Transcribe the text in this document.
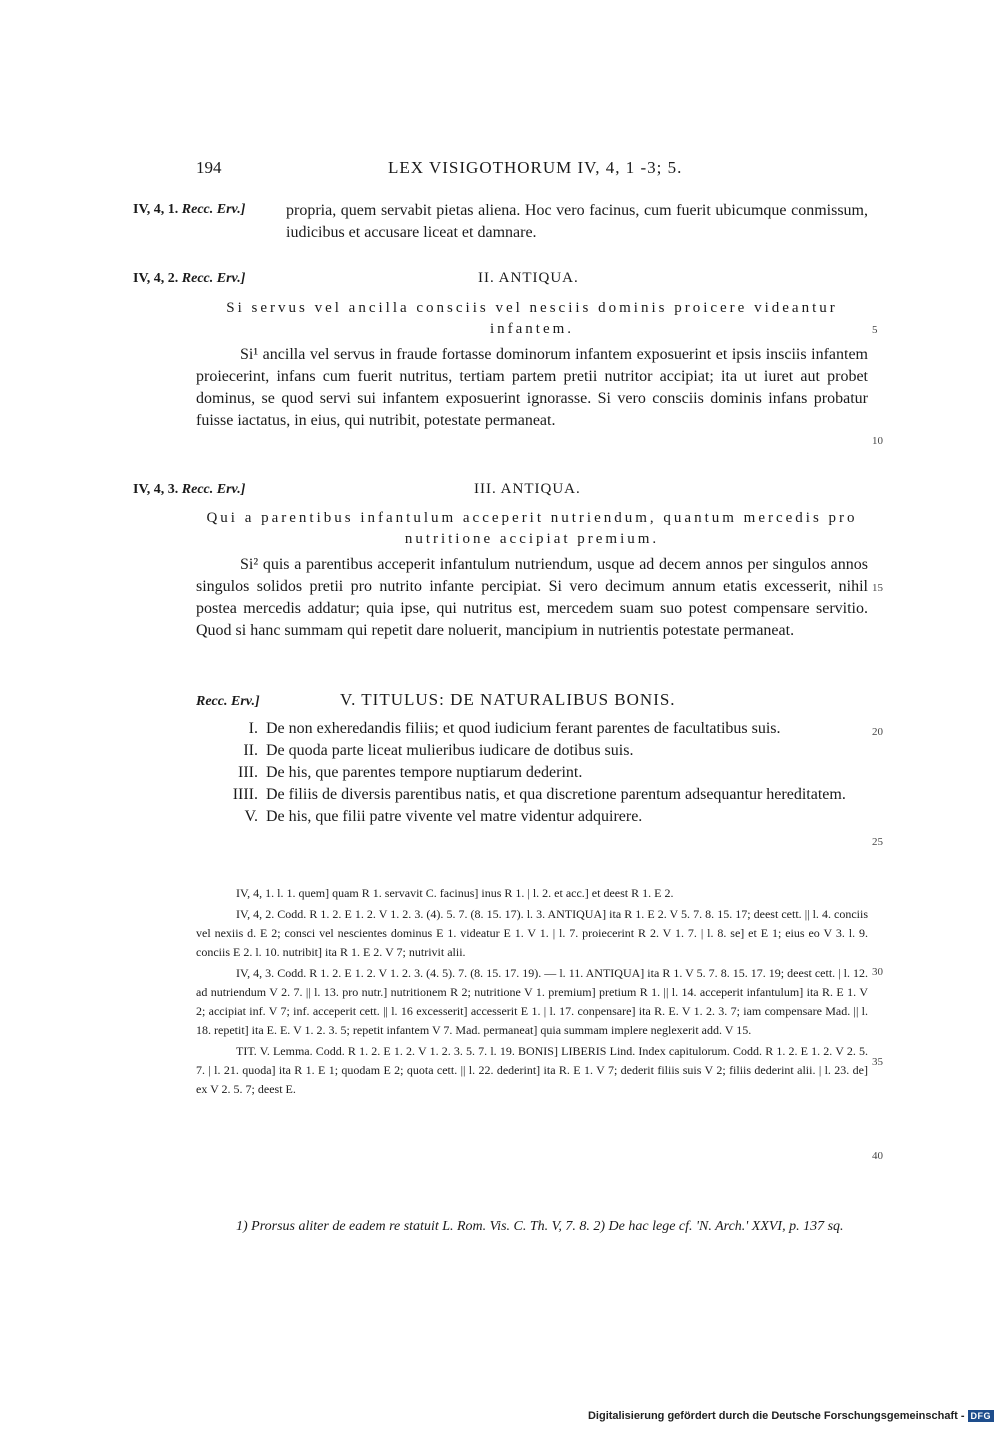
194	LEX VISIGOTHORUM IV, 4, 1 -3; 5.
IV, 4, 1. Recc. Erv.]	propria, quem servabit pietas aliena. Hoc vero facinus, cum fuerit ubicumque conmissum, iudicibus et accusare liceat et damnare.
IV, 4, 2. Recc. Erv.]	II. ANTIQUA.
Si servus vel ancilla consciis vel nesciis dominis proicere videantur infantem.	5
Si¹ ancilla vel servus in fraude fortasse dominorum infantem exposuerint et ipsis insciis infantem proiecerint, infans cum fuerit nutritus, tertiam partem pretii nutritor accipiat; ita ut iuret aut probet dominus, se quod servi sui infantem exposuerint ignorasse. Si vero consciis dominis infans probatur fuisse iactatus, in eius, qui nutribit, potestate permaneat.
10
IV, 4, 3. Recc. Erv.]	III. ANTIQUA.
Qui a parentibus infantulum acceperit nutriendum, quantum mercedis pro nutritione accipiat premium.
Si² quis a parentibus acceperit infantulum nutriendum, usque ad decem annos per singulos annos singulos solidos pretii pro nutrito infante percipiat. Si vero decimum annum etatis excesserit, nihil postea mercedis addatur; quia ipse, qui nutritus est, mercedem suam suo potest compensare servitio. Quod si hanc summam qui repetit dare noluerit, mancipium in nutrientis potestate permaneat.
15
Recc. Erv.]	V. TITULUS: DE NATURALIBUS BONIS.
I. De non exheredandis filiis; et quod iudicium ferant parentes de facultatibus suis.
II. De quoda parte liceat mulieribus iudicare de dotibus suis.
III. De his, que parentes tempore nuptiarum dederint.
IIII. De filiis de diversis parentibus natis, et qua discretione parentum adsequantur hereditatem.
V. De his, que filii patre vivente vel matre videntur adquirere.
20
25

IV, 4, 1. l. 1. quem] quam R 1. servavit C. facinus] inus R 1. | l. 2. et acc.] et deest R 1. E 2.

IV, 4, 2. Codd. R 1. 2. E 1. 2. V 1. 2. 3. (4). 5. 7. (8. 15. 17). l. 3. ANTIQUA] ita R 1. E 2. V 5. 7. 8. 15. 17; deest cett. || l. 4. conciis vel nexiis d. E 2; consci vel nescientes dominus E 1. videatur E 1. V 1. | l. 7. proiecerint R 2. V 1. 7. | l. 8. se] et E 1; eius eo V 3. l. 9. conciis E 2. l. 10. nutribit] ita R 1. E 2. V 7; nutrivit alii.

IV, 4, 3. Codd. R 1. 2. E 1. 2. V 1. 2. 3. (4. 5). 7. (8. 15. 17. 19). — l. 11. ANTIQUA] ita R 1. V 5. 7. 8. 15. 17. 19; deest cett. | l. 12. ad nutriendum V 2. 7. || l. 13. pro nutr.] nutritionem R 2; nutritione V 1. premium] pretium R 1. || l. 14. acceperit infantulum] ita R. E 1. V 2; accipiat inf. V 7; inf. acceperit cett. || l. 16 excesserit] accesserit E 1. | l. 17. conpensare] ita R. E. V 1. 2. 3. 7; iam compensare Mad. || l. 18. repetit] ita E. E. V 1. 2. 3. 5; repetit infantem V 7. Mad. permaneat] quia summam implere neglexerit add. V 15.

TIT. V. Lemma. Codd. R 1. 2. E 1. 2. V 1. 2. 3. 5. 7. l. 19. BONIS] LIBERIS Lind. Index capitulorum. Codd. R 1. 2. E 1. 2. V 2. 5. 7. | l. 21. quoda] ita R 1. E 1; quodam E 2; quota cett. || l. 22. dederint] ita R. E 1. V 7; dederit filiis suis V 2; filiis dederint alii. | l. 23. de] ex V 2. 5. 7; deest E.

30
35
40

1) Prorsus aliter de eadem re statuit L. Rom. Vis. C. Th. V, 7. 8. 2) De hac lege cf. 'N. Arch.' XXVI, p. 137 sq.

Digitalisierung gefördert durch die Deutsche Forschungsgemeinschaft - DFG
